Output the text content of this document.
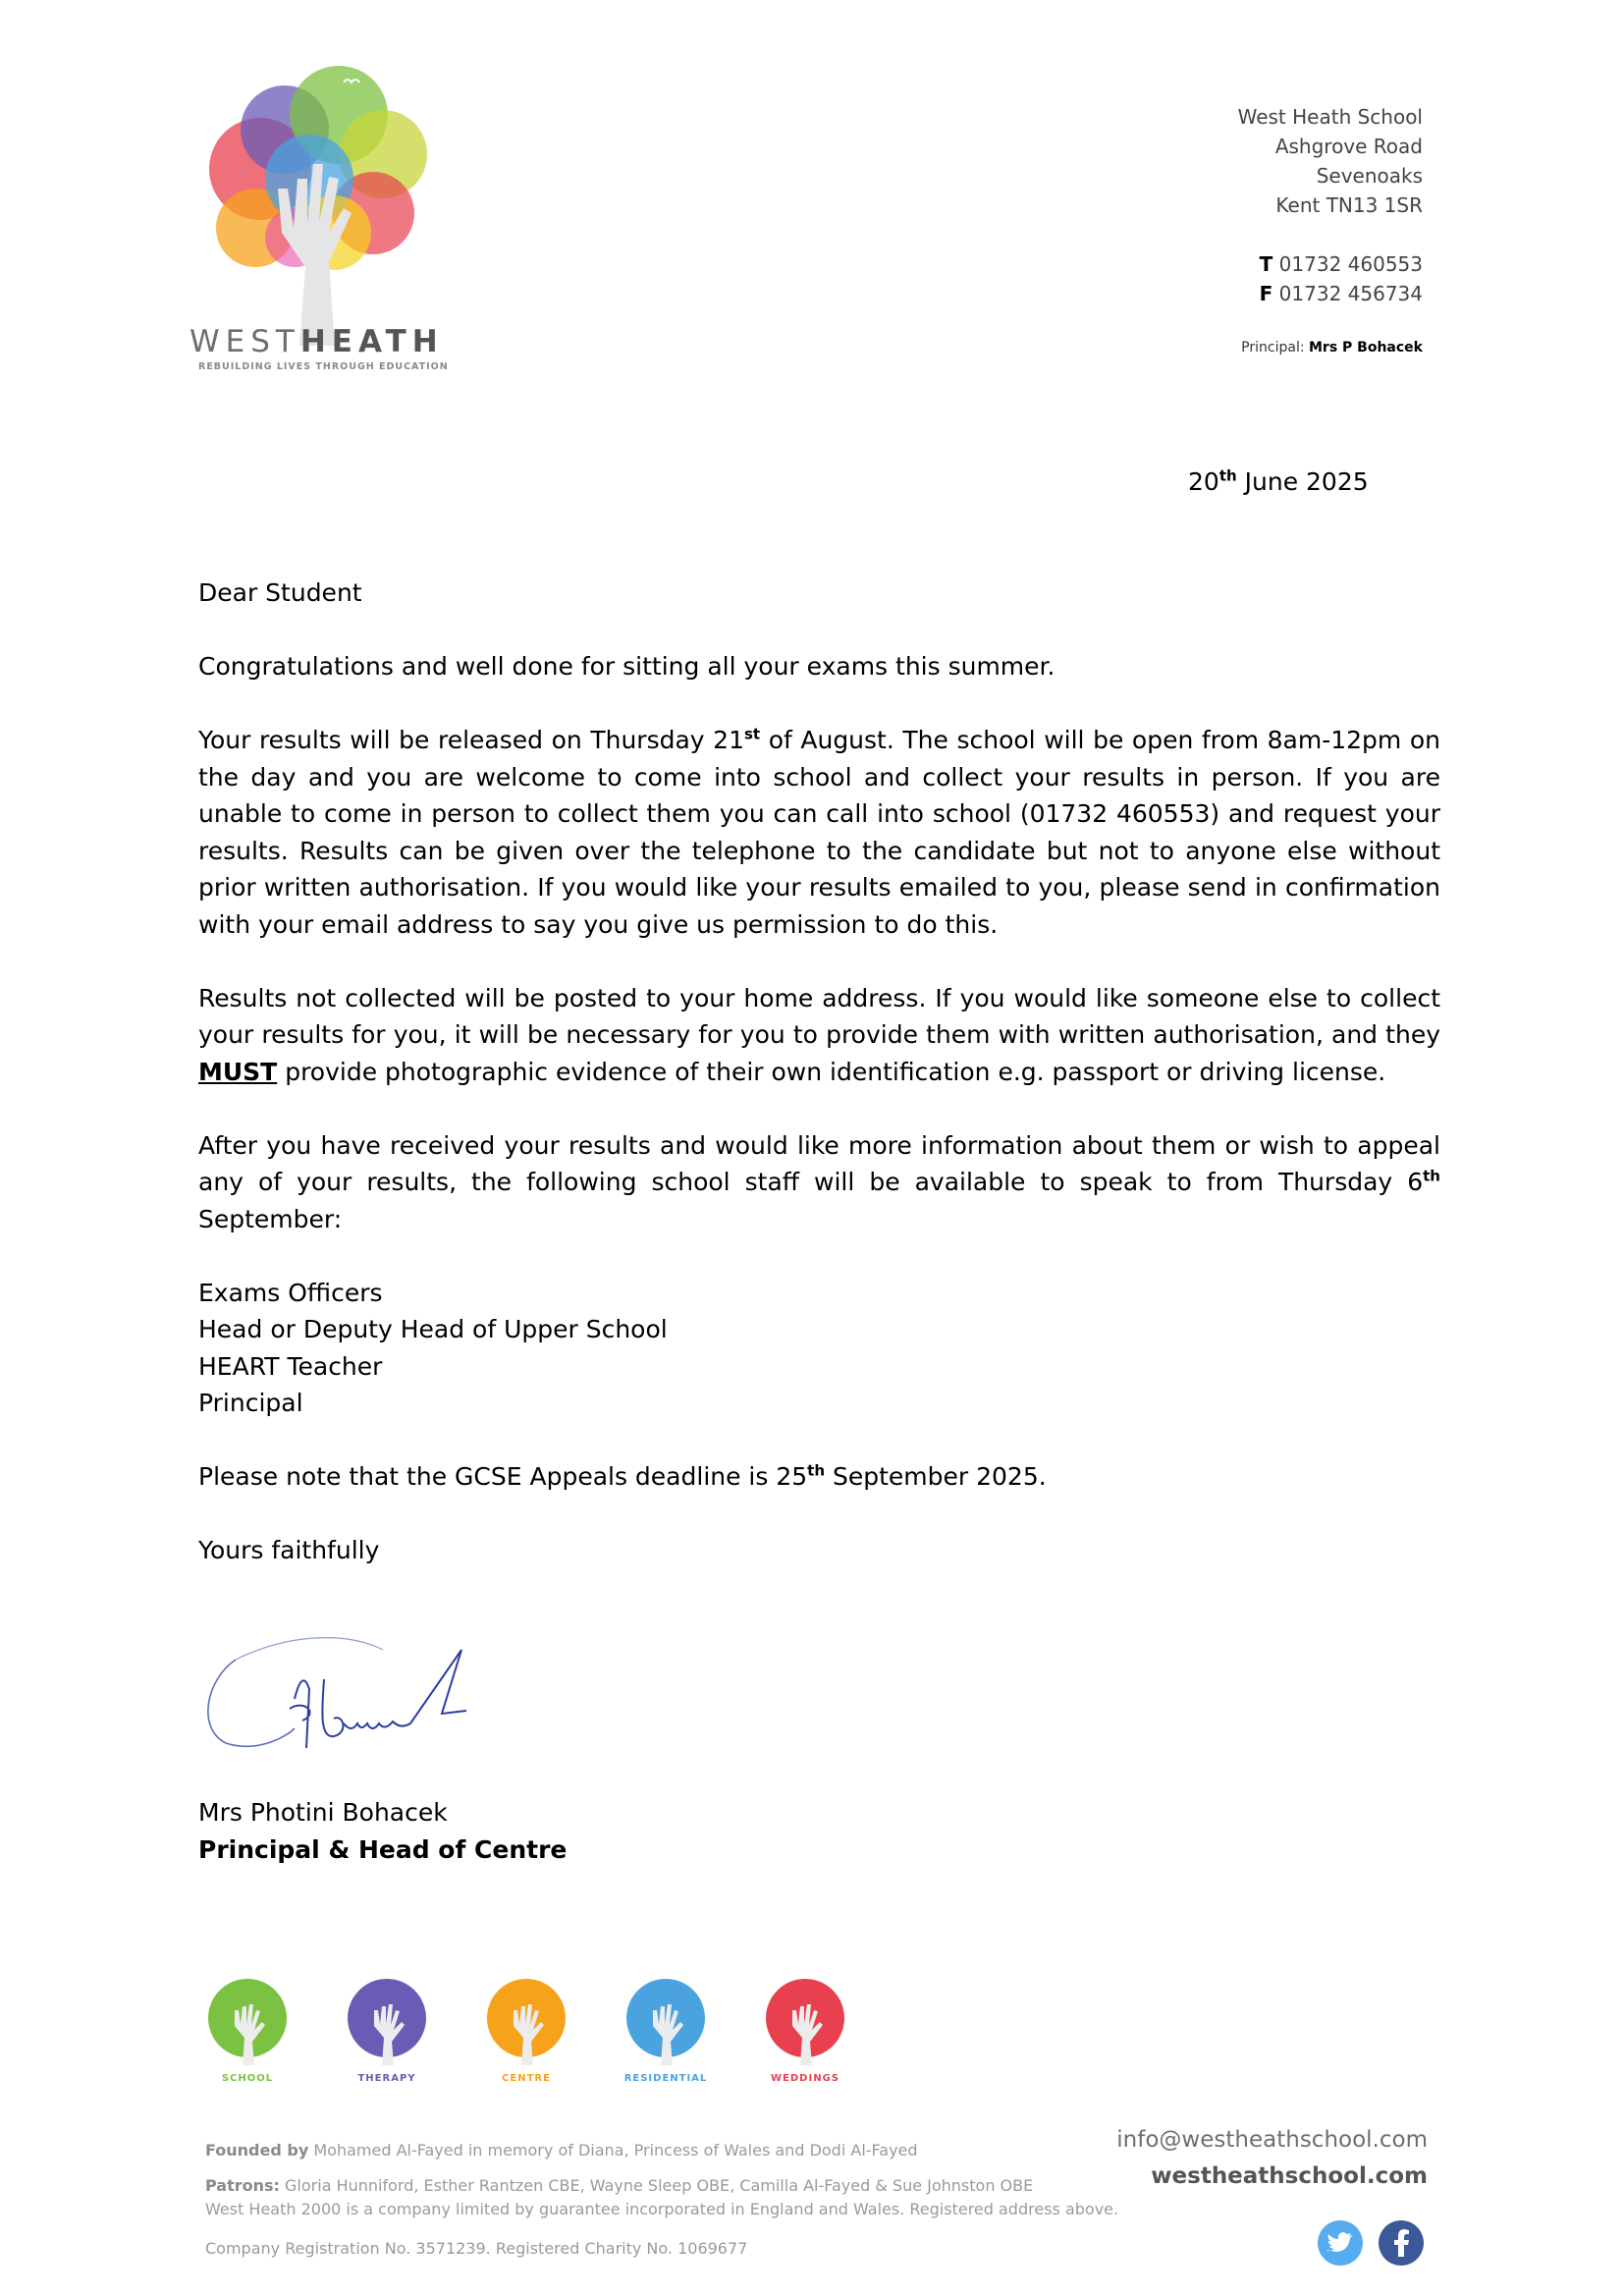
WESTHEATH
REBUILDING LIVES THROUGH EDUCATION
West Heath School
Ashgrove Road
Sevenoaks
Kent TN13 1SR
T 01732 460553
F 01732 456734
Principal: Mrs P Bohacek
20th June 2025

Dear Student

Congratulations and well done for sitting all your exams this summer.

Your results will be released on Thursday 21st of August. The school will be open from 8am-12pm on the day and you are welcome to come into school and collect your results in person. If you are unable to come in person to collect them you can call into school (01732 460553) and request your results. Results can be given over the telephone to the candidate but not to anyone else without prior written authorisation. If you would like your results emailed to you, please send in confirmation with your email address to say you give us permission to do this.

Results not collected will be posted to your home address. If you would like someone else to collect your results for you, it will be necessary for you to provide them with written authorisation, and they MUST provide photographic evidence of their own identification e.g. passport or driving license.

After you have received your results and would like more information about them or wish to appeal any of your results, the following school staff will be available to speak to from Thursday 6th September:

Exams Officers
Head or Deputy Head of Upper School
HEART Teacher
Principal

Please note that the GCSE Appeals deadline is 25th September 2025.

Yours faithfully

Mrs Photini Bohacek
Principal & Head of Centre
SCHOOL	THERAPY	CENTRE	RESIDENTIAL	WEDDINGS
Founded by Mohamed Al-Fayed in memory of Diana, Princess of Wales and Dodi Al-Fayed
Patrons: Gloria Hunniford, Esther Rantzen CBE, Wayne Sleep OBE, Camilla Al-Fayed & Sue Johnston OBE
West Heath 2000 is a company limited by guarantee incorporated in England and Wales. Registered address above.
Company Registration No. 3571239. Registered Charity No. 1069677
info@westheathschool.com
westheathschool.com
